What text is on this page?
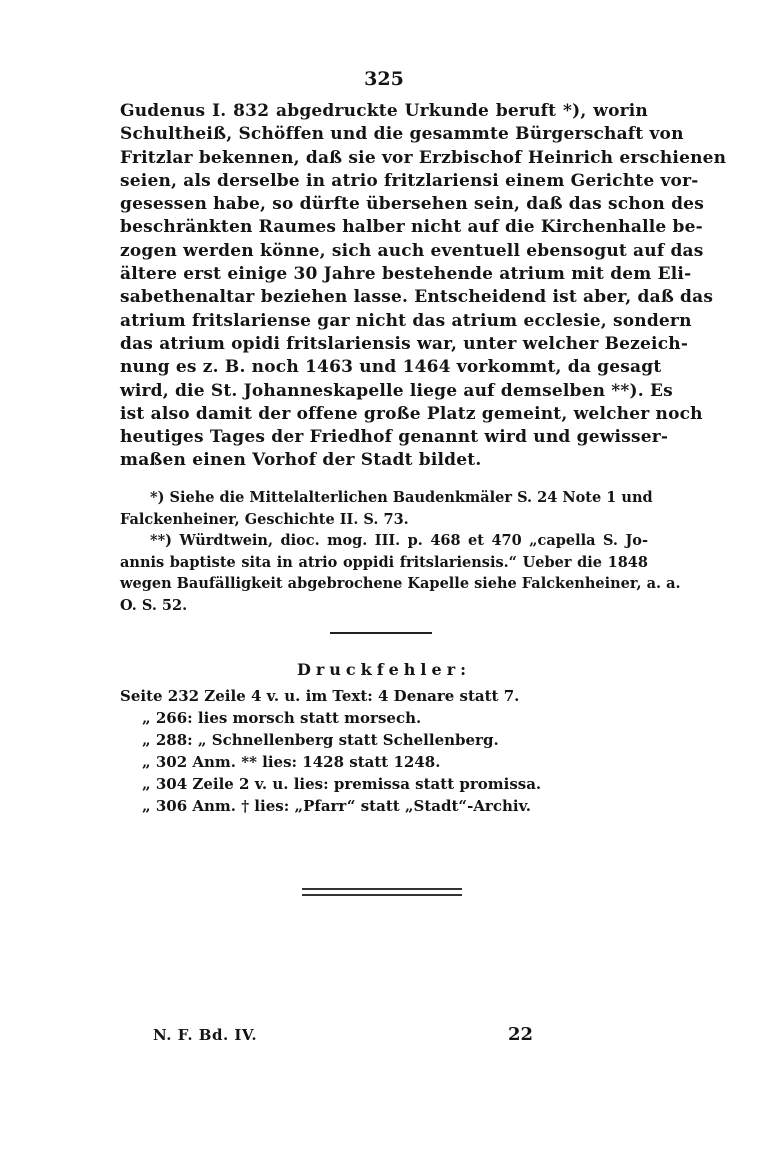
325
Gudenus I. 832 abgedruckte Urkunde beruft *), worin
Schultheiß, Schöffen und die gesammte Bürgerschaft von
Fritzlar bekennen, daß sie vor Erzbischof Heinrich erschienen
seien, als derselbe in atrio fritzlariensi einem Gerichte vor-
gesessen habe, so dürfte übersehen sein, daß das schon des
beschränkten Raumes halber nicht auf die Kirchenhalle be-
zogen werden könne, sich auch eventuell ebensogut auf das
ältere erst einige 30 Jahre bestehende atrium mit dem Eli-
sabethenaltar beziehen lasse. Entscheidend ist aber, daß das
atrium fritslariense gar nicht das atrium ecclesie, sondern
das atrium opidi fritslariensis war, unter welcher Bezeich-
nung es z. B. noch 1463 und 1464 vorkommt, da gesagt
wird, die St. Johanneskapelle liege auf demselben **). Es
ist also damit der offene große Platz gemeint, welcher noch
heutiges Tages der Friedhof genannt wird und gewisser-
maßen einen Vorhof der Stadt bildet.
*) Siehe die Mittelalterlichen Baudenkmäler S. 24 Note 1 und
Falckenheiner, Geschichte II. S. 73.
**) Würdtwein, dioc. mog. III. p. 468 et 470 „capella S. Jo-
annis baptiste sita in atrio oppidi fritslariensis.“ Ueber die 1848
wegen Baufälligkeit abgebrochene Kapelle siehe Falckenheiner, a. a.
O. S. 52.
Druckfehler:
Seite 232 Zeile 4 v. u. im Text: 4 Denare statt 7.
„ 266: lies morsch statt morsech.
„ 288: „ Schnellenberg statt Schellenberg.
„ 302 Anm. ** lies: 1428 statt 1248.
„ 304 Zeile 2 v. u. lies: premissa statt promissa.
„ 306 Anm. † lies: „Pfarr“ statt „Stadt“-Archiv.
N. F. Bd. IV.	22
